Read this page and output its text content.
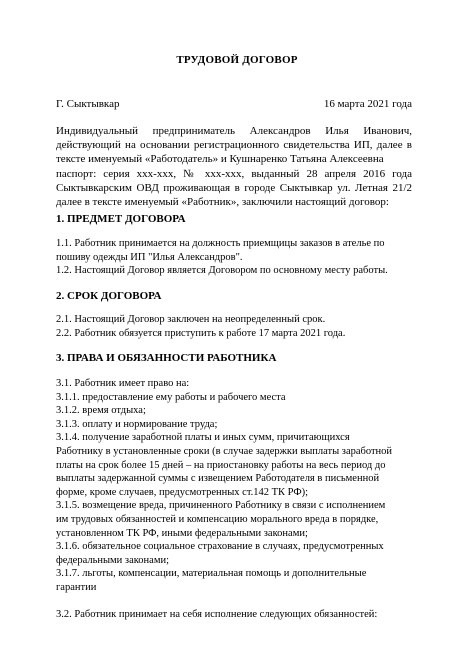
ТРУДОВОЙ ДОГОВОР
Г. Сыктывкар	16 марта 2021 года
Индивидуальный предприниматель Александров Илья Иванович,
действующий на основании регистрационного свидетельства ИП, далее в
тексте именуемый «Работодатель» и Кушнаренко Татьяна Алексеевна
паспорт: серия ххх-ххх, № ххх-ххх, выданный 28 апреля 2016 года
Сыктывкарским ОВД проживающая в городе Сыктывкар ул. Летная 21/2
далее в тексте именуемый «Работник», заключили настоящий договор:
1. ПРЕДМЕТ ДОГОВОРА
1.1. Работник принимается на должность приемщицы заказов в ателье по
пошиву одежды ИП "Илья Александров".
1.2. Настоящий Договор является Договором по основному месту работы.
2. СРОК ДОГОВОРА
2.1. Настоящий Договор заключен на неопределенный срок.
2.2. Работник обязуется приступить к работе 17 марта 2021 года.
3. ПРАВА И ОБЯЗАННОСТИ РАБОТНИКА
3.1. Работник имеет право на:
3.1.1. предоставление ему работы и рабочего места
3.1.2. время отдыха;
3.1.3. оплату и нормирование труда;
3.1.4. получение заработной платы и иных сумм, причитающихся
Работнику в установленные сроки (в случае задержки выплаты заработной
платы на срок более 15 дней – на приостановку работы на весь период до
выплаты задержанной суммы с извещением Работодателя в письменной
форме, кроме случаев, предусмотренных ст.142 ТК РФ);
3.1.5. возмещение вреда, причиненного Работнику в связи с исполнением
им трудовых обязанностей и компенсацию морального вреда в порядке,
установленном ТК РФ, иными федеральными законами;
3.1.6. обязательное социальное страхование в случаях, предусмотренных
федеральными законами;
3.1.7. льготы, компенсации, материальная помощь и дополнительные
гарантии
3.2. Работник принимает на себя исполнение следующих обязанностей:
